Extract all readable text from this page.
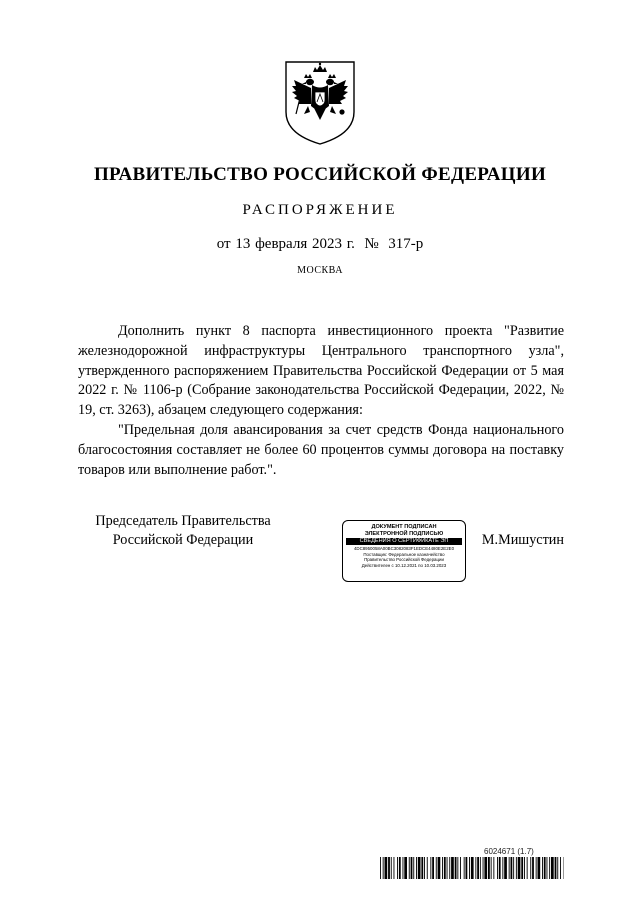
ПРАВИТЕЛЬСТВО РОССИЙСКОЙ ФЕДЕРАЦИИ
РАСПОРЯЖЕНИЕ
от 13 февраля 2023 г.  №  317-р
МОСКВА

Дополнить пункт 8 паспорта инвестиционного проекта "Развитие железнодорожной инфраструктуры Центрального транспортного узла", утвержденного распоряжением Правительства Российской Федерации от 5 мая 2022 г. № 1106-р (Собрание законодательства Российской Федерации, 2022, № 19, ст. 3263), абзацем следующего содержания:

"Предельная доля авансирования за счет средств Фонда национального благосостояния составляет не более 60 процентов суммы договора на поставку товаров или выполнение работ.".

Председатель Правительства
Российской Федерации
ДОКУМЕНТ ПОДПИСАН
ЭЛЕКТРОННОЙ ПОДПИСЬЮ
СВЕДЕНИЯ О СЕРТИФИКАТЕ ЭП
4DC8950058A00BC3082083F1EDCE4480E2E2E0
Поставщик: Федеральное казначейство
Правительство Российской Федерации
Действителен с 10.12.2021 по 10.03.2023
М.Мишустин
6024671 (1.7)
